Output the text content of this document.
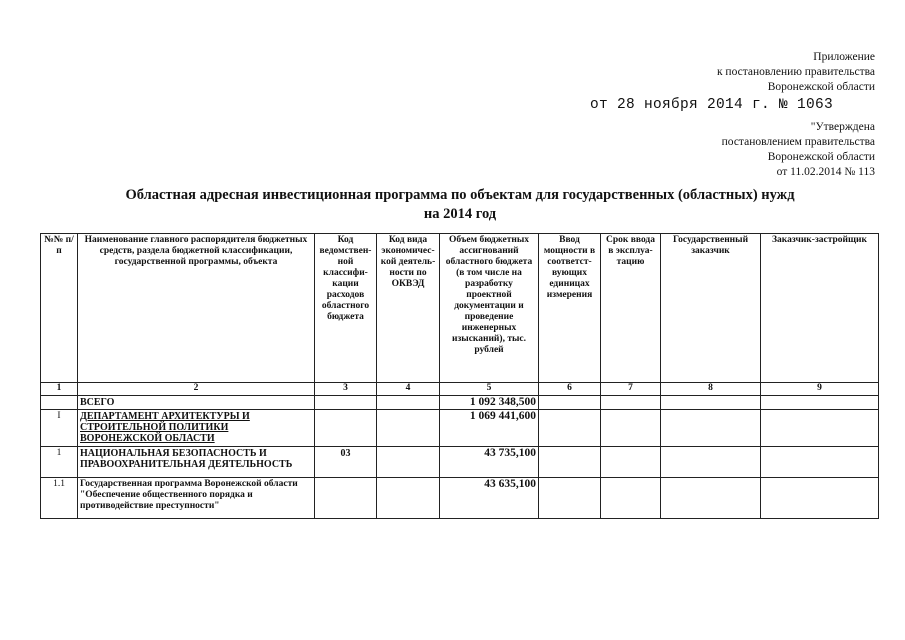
Приложение
к постановлению правительства
Воронежской области
от 28 ноября 2014 г. № 1063
"Утверждена
постановлением правительства
Воронежской области
от 11.02.2014 № 113
Областная адресная инвестиционная программа по объектам для государственных (областных) нужд
на 2014 год
№№ п/п	Наименование главного распорядителя бюджетных средств, раздела бюджетной классификации, государственной программы, объекта	Код ведомствен-ной классифи-кации расходов областного бюджета	Код вида экономичес-кой деятель-ности по ОКВЭД	Объем бюджетных ассигнований областного бюджета (в том числе на разработку проектной документации и проведение инженерных изысканий), тыс. рублей	Ввод мощности в соответст-вующих единицах измерения	Срок ввода в эксплуа-тацию	Государственный заказчик	Заказчик-застройщик
1	2	3	4	5	6	7	8	9
	ВСЕГО			1 092 348,500				
I	ДЕПАРТАМЕНТ АРХИТЕКТУРЫ И СТРОИТЕЛЬНОЙ ПОЛИТИКИ ВОРОНЕЖСКОЙ ОБЛАСТИ			1 069 441,600				
1	НАЦИОНАЛЬНАЯ БЕЗОПАСНОСТЬ И ПРАВООХРАНИТЕЛЬНАЯ ДЕЯТЕЛЬНОСТЬ	03		43 735,100				
1.1	Государственная программа Воронежской области "Обеспечение общественного порядка и противодействие преступности"			43 635,100				
